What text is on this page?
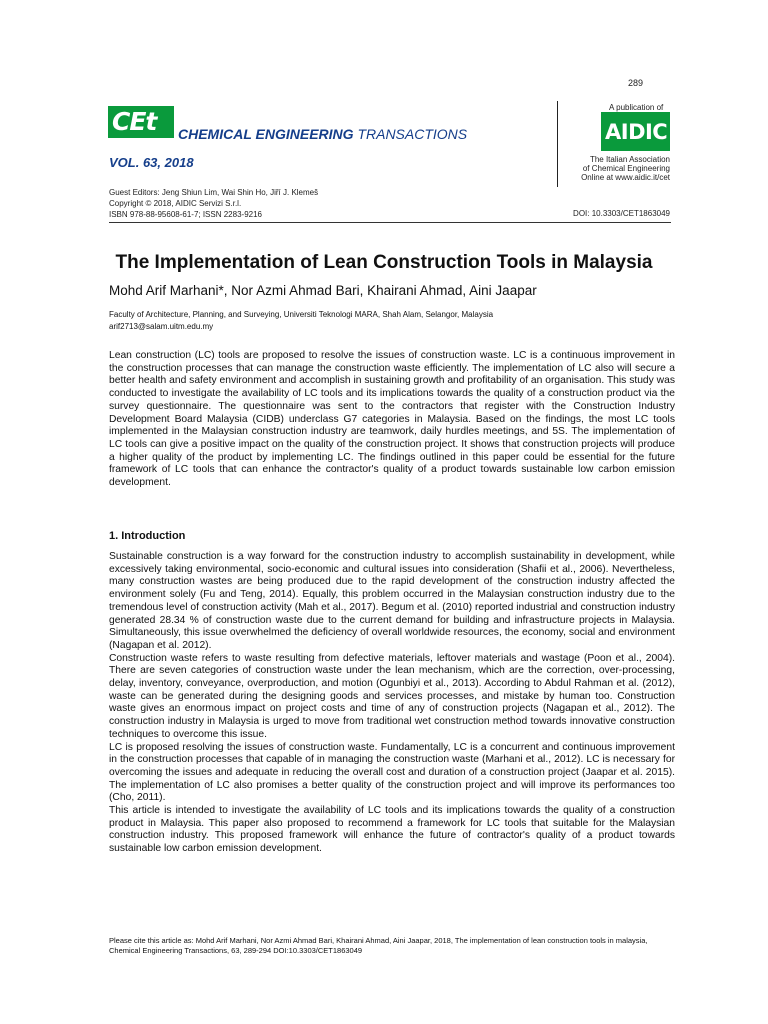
289
CEt CHEMICAL ENGINEERING TRANSACTIONS
VOL. 63, 2018
Guest Editors: Jeng Shiun Lim, Wai Shin Ho, Jiří J. Klemeš
Copyright © 2018, AIDIC Servizi S.r.l.
ISBN 978-88-95608-61-7; ISSN 2283-9216
A publication of
AIDIC
The Italian Association
of Chemical Engineering
Online at www.aidic.it/cet
DOI: 10.3303/CET1863049
The Implementation of Lean Construction Tools in Malaysia
Mohd Arif Marhani*, Nor Azmi Ahmad Bari, Khairani Ahmad, Aini Jaapar
Faculty of Architecture, Planning, and Surveying, Universiti Teknologi MARA, Shah Alam, Selangor, Malaysia
arif2713@salam.uitm.edu.my

Lean construction (LC) tools are proposed to resolve the issues of construction waste. LC is a continuous improvement in the construction processes that can manage the construction waste efficiently. The implementation of LC also will secure a better health and safety environment and accomplish in sustaining growth and profitability of an organisation. This study was conducted to investigate the availability of LC tools and its implications towards the quality of a construction product via the survey questionnaire. The questionnaire was sent to the contractors that register with the Construction Industry Development Board Malaysia (CIDB) underclass G7 categories in Malaysia. Based on the findings, the most LC tools implemented in the Malaysian construction industry are teamwork, daily hurdles meetings, and 5S. The implementation of LC tools can give a positive impact on the quality of the construction project. It shows that construction projects will produce a higher quality of the product by implementing LC. The findings outlined in this paper could be essential for the future framework of LC tools that can enhance the contractor's quality of a product towards sustainable low carbon emission development.

1. Introduction

Sustainable construction is a way forward for the construction industry to accomplish sustainability in development, while excessively taking environmental, socio-economic and cultural issues into consideration (Shafii et al., 2006). Nevertheless, many construction wastes are being produced due to the rapid development of the construction industry affected the environment solely (Fu and Teng, 2014). Equally, this problem occurred in the Malaysian construction industry due to the tremendous level of construction activity (Mah et al., 2017). Begum et al. (2010) reported industrial and construction industry generated 28.34 % of construction waste due to the current demand for building and infrastructure projects in Malaysia. Simultaneously, this issue overwhelmed the deficiency of overall worldwide resources, the economy, social and environment (Nagapan et al. 2012).

Construction waste refers to waste resulting from defective materials, leftover materials and wastage (Poon et al., 2004). There are seven categories of construction waste under the lean mechanism, which are the correction, over-processing, delay, inventory, conveyance, overproduction, and motion (Ogunbiyi et al., 2013). According to Abdul Rahman et al. (2012), waste can be generated during the designing goods and services processes, and mistake by human too. Construction waste gives an enormous impact on project costs and time of any of construction projects (Nagapan et al., 2012). The construction industry in Malaysia is urged to move from traditional wet construction method towards innovative construction techniques to overcome this issue.

LC is proposed resolving the issues of construction waste. Fundamentally, LC is a concurrent and continuous improvement in the construction processes that capable of in managing the construction waste (Marhani et al., 2012). LC is necessary for overcoming the issues and adequate in reducing the overall cost and duration of a construction project (Jaapar et al. 2015). The implementation of LC also promises a better quality of the construction project and will improve its performances too (Cho, 2011).

This article is intended to investigate the availability of LC tools and its implications towards the quality of a construction product in Malaysia. This paper also proposed to recommend a framework for LC tools that suitable for the Malaysian construction industry. This proposed framework will enhance the future of contractor's quality of a product towards sustainable low carbon emission development.

Please cite this article as: Mohd Arif Marhani, Nor Azmi Ahmad Bari, Khairani Ahmad, Aini Jaapar, 2018, The implementation of lean construction tools in malaysia, Chemical Engineering Transactions, 63, 289-294 DOI:10.3303/CET1863049
